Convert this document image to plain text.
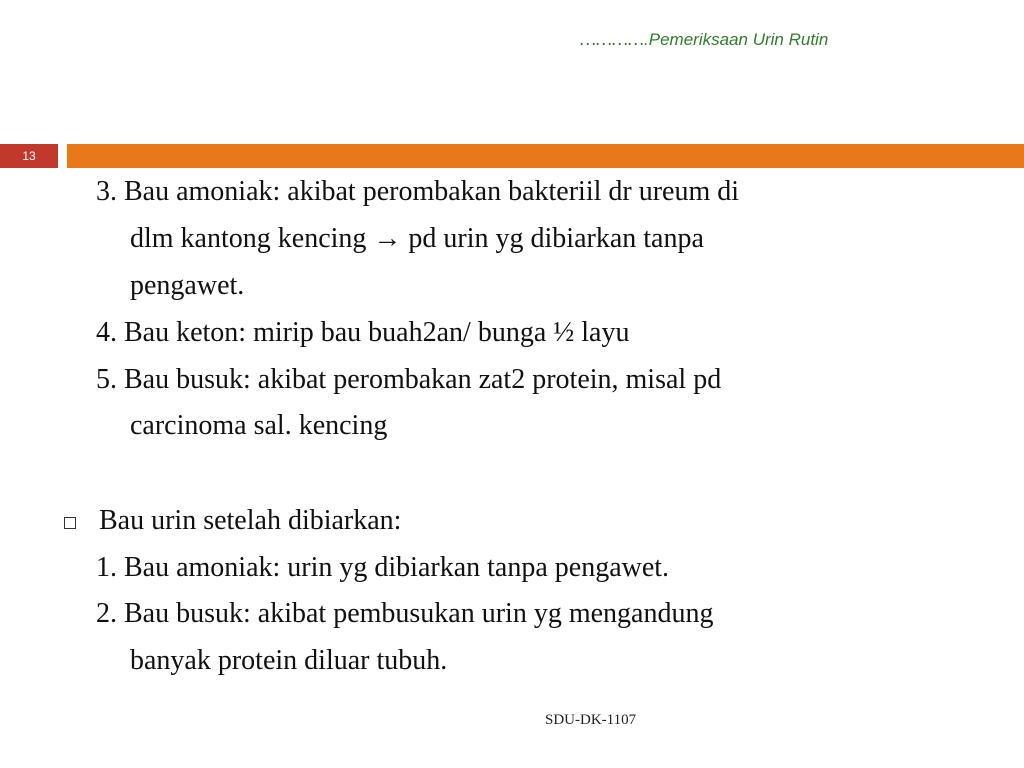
………….Pemeriksaan Urin Rutin
13
3. Bau amoniak: akibat perombakan bakteriil dr ureum di
dlm kantong kencing → pd urin yg dibiarkan tanpa
pengawet.
4. Bau keton: mirip bau buah2an/ bunga ½ layu
5. Bau busuk: akibat perombakan zat2 protein, misal pd
carcinoma sal. kencing
Bau urin setelah dibiarkan:
1. Bau amoniak: urin yg dibiarkan tanpa pengawet.
2. Bau busuk: akibat pembusukan urin yg mengandung
banyak protein diluar tubuh.
SDU-DK-1107
